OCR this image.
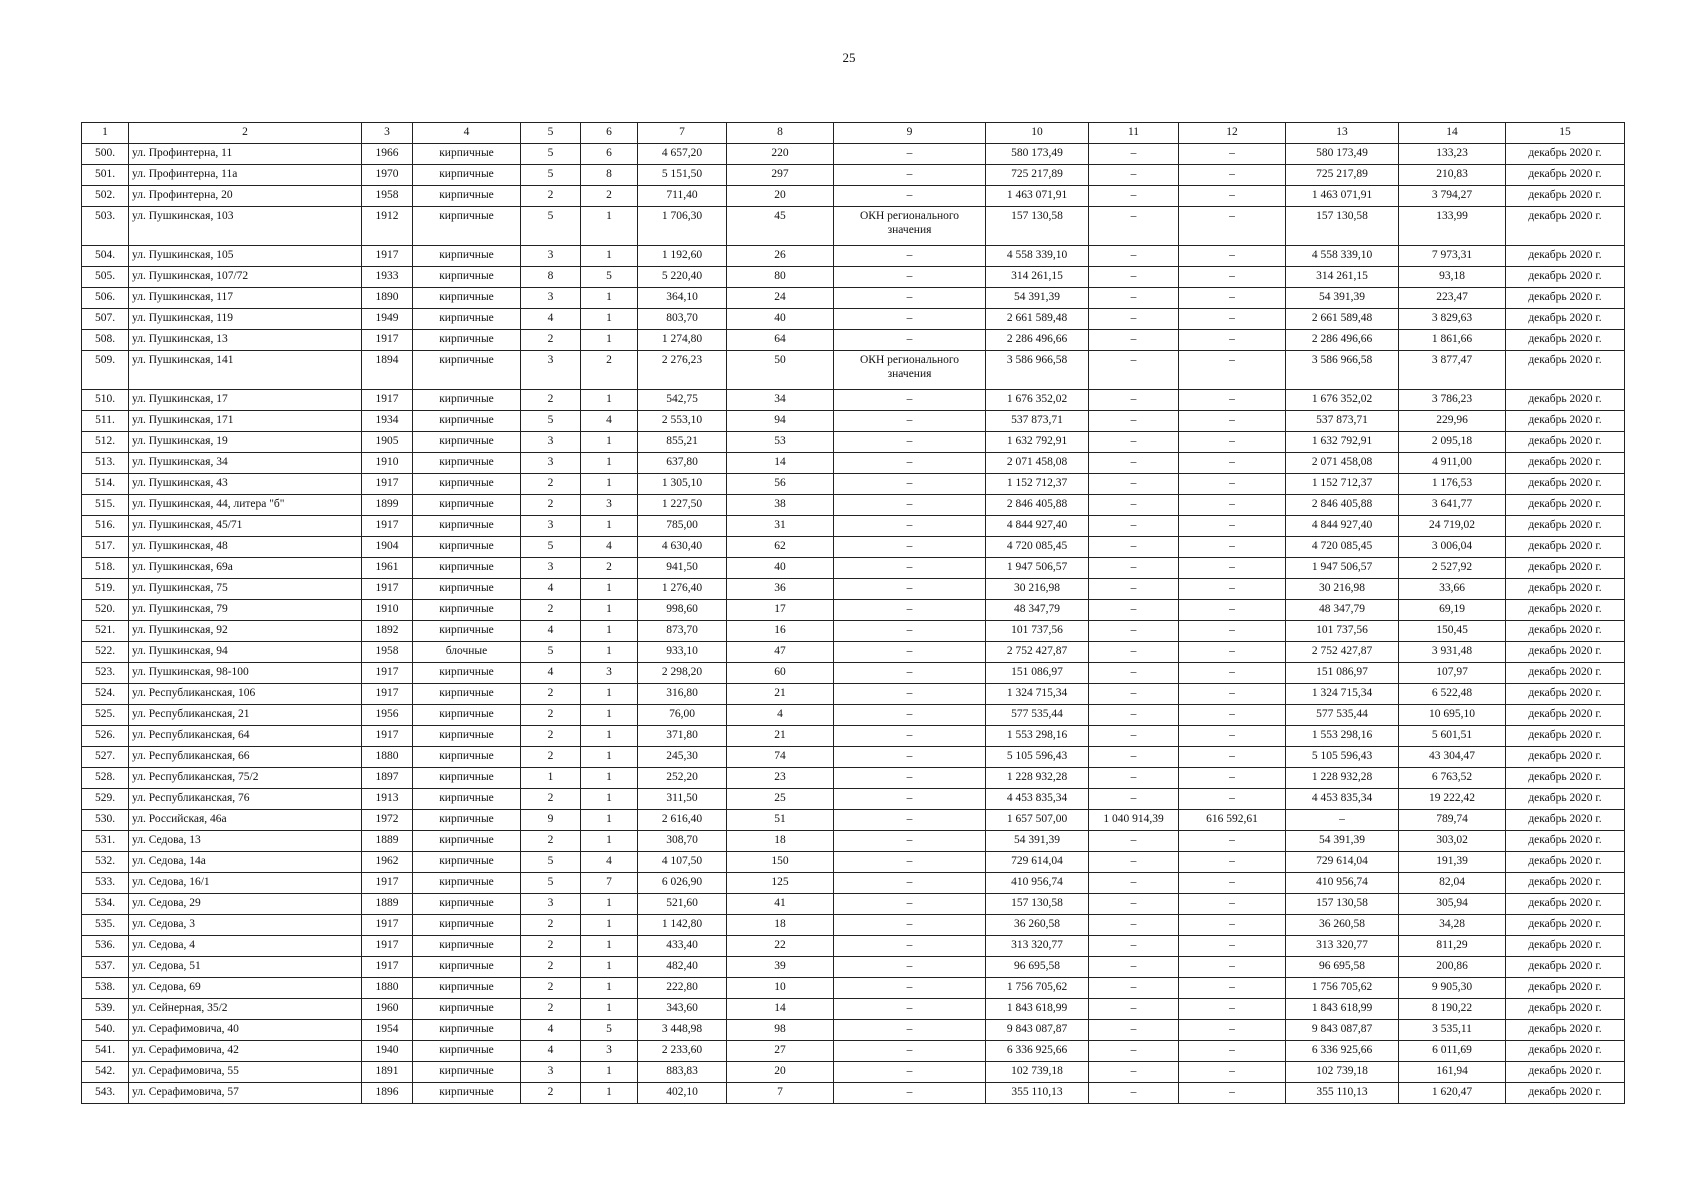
25
1	2	3	4	5	6	7	8	9	10	11	12	13	14	15
500.	ул. Профинтерна, 11	1966	кирпичные	5	6	4 657,20	220	–	580 173,49	–	–	580 173,49	133,23	декабрь 2020 г.
501.	ул. Профинтерна, 11а	1970	кирпичные	5	8	5 151,50	297	–	725 217,89	–	–	725 217,89	210,83	декабрь 2020 г.
502.	ул. Профинтерна, 20	1958	кирпичные	2	2	711,40	20	–	1 463 071,91	–	–	1 463 071,91	3 794,27	декабрь 2020 г.
503.	ул. Пушкинская, 103	1912	кирпичные	5	1	1 706,30	45	ОКН регионального значения	157 130,58	–	–	157 130,58	133,99	декабрь 2020 г.
504.	ул. Пушкинская, 105	1917	кирпичные	3	1	1 192,60	26	–	4 558 339,10	–	–	4 558 339,10	7 973,31	декабрь 2020 г.
505.	ул. Пушкинская, 107/72	1933	кирпичные	8	5	5 220,40	80	–	314 261,15	–	–	314 261,15	93,18	декабрь 2020 г.
506.	ул. Пушкинская, 117	1890	кирпичные	3	1	364,10	24	–	54 391,39	–	–	54 391,39	223,47	декабрь 2020 г.
507.	ул. Пушкинская, 119	1949	кирпичные	4	1	803,70	40	–	2 661 589,48	–	–	2 661 589,48	3 829,63	декабрь 2020 г.
508.	ул. Пушкинская, 13	1917	кирпичные	2	1	1 274,80	64	–	2 286 496,66	–	–	2 286 496,66	1 861,66	декабрь 2020 г.
509.	ул. Пушкинская, 141	1894	кирпичные	3	2	2 276,23	50	ОКН регионального значения	3 586 966,58	–	–	3 586 966,58	3 877,47	декабрь 2020 г.
510.	ул. Пушкинская, 17	1917	кирпичные	2	1	542,75	34	–	1 676 352,02	–	–	1 676 352,02	3 786,23	декабрь 2020 г.
511.	ул. Пушкинская, 171	1934	кирпичные	5	4	2 553,10	94	–	537 873,71	–	–	537 873,71	229,96	декабрь 2020 г.
512.	ул. Пушкинская, 19	1905	кирпичные	3	1	855,21	53	–	1 632 792,91	–	–	1 632 792,91	2 095,18	декабрь 2020 г.
513.	ул. Пушкинская, 34	1910	кирпичные	3	1	637,80	14	–	2 071 458,08	–	–	2 071 458,08	4 911,00	декабрь 2020 г.
514.	ул. Пушкинская, 43	1917	кирпичные	2	1	1 305,10	56	–	1 152 712,37	–	–	1 152 712,37	1 176,53	декабрь 2020 г.
515.	ул. Пушкинская, 44, литера "б"	1899	кирпичные	2	3	1 227,50	38	–	2 846 405,88	–	–	2 846 405,88	3 641,77	декабрь 2020 г.
516.	ул. Пушкинская, 45/71	1917	кирпичные	3	1	785,00	31	–	4 844 927,40	–	–	4 844 927,40	24 719,02	декабрь 2020 г.
517.	ул. Пушкинская, 48	1904	кирпичные	5	4	4 630,40	62	–	4 720 085,45	–	–	4 720 085,45	3 006,04	декабрь 2020 г.
518.	ул. Пушкинская, 69а	1961	кирпичные	3	2	941,50	40	–	1 947 506,57	–	–	1 947 506,57	2 527,92	декабрь 2020 г.
519.	ул. Пушкинская, 75	1917	кирпичные	4	1	1 276,40	36	–	30 216,98	–	–	30 216,98	33,66	декабрь 2020 г.
520.	ул. Пушкинская, 79	1910	кирпичные	2	1	998,60	17	–	48 347,79	–	–	48 347,79	69,19	декабрь 2020 г.
521.	ул. Пушкинская, 92	1892	кирпичные	4	1	873,70	16	–	101 737,56	–	–	101 737,56	150,45	декабрь 2020 г.
522.	ул. Пушкинская, 94	1958	блочные	5	1	933,10	47	–	2 752 427,87	–	–	2 752 427,87	3 931,48	декабрь 2020 г.
523.	ул. Пушкинская, 98-100	1917	кирпичные	4	3	2 298,20	60	–	151 086,97	–	–	151 086,97	107,97	декабрь 2020 г.
524.	ул. Республиканская, 106	1917	кирпичные	2	1	316,80	21	–	1 324 715,34	–	–	1 324 715,34	6 522,48	декабрь 2020 г.
525.	ул. Республиканская, 21	1956	кирпичные	2	1	76,00	4	–	577 535,44	–	–	577 535,44	10 695,10	декабрь 2020 г.
526.	ул. Республиканская, 64	1917	кирпичные	2	1	371,80	21	–	1 553 298,16	–	–	1 553 298,16	5 601,51	декабрь 2020 г.
527.	ул. Республиканская, 66	1880	кирпичные	2	1	245,30	74	–	5 105 596,43	–	–	5 105 596,43	43 304,47	декабрь 2020 г.
528.	ул. Республиканская, 75/2	1897	кирпичные	1	1	252,20	23	–	1 228 932,28	–	–	1 228 932,28	6 763,52	декабрь 2020 г.
529.	ул. Республиканская, 76	1913	кирпичные	2	1	311,50	25	–	4 453 835,34	–	–	4 453 835,34	19 222,42	декабрь 2020 г.
530.	ул. Российская, 46а	1972	кирпичные	9	1	2 616,40	51	–	1 657 507,00	1 040 914,39	616 592,61	–	789,74	декабрь 2020 г.
531.	ул. Седова, 13	1889	кирпичные	2	1	308,70	18	–	54 391,39	–	–	54 391,39	303,02	декабрь 2020 г.
532.	ул. Седова, 14а	1962	кирпичные	5	4	4 107,50	150	–	729 614,04	–	–	729 614,04	191,39	декабрь 2020 г.
533.	ул. Седова, 16/1	1917	кирпичные	5	7	6 026,90	125	–	410 956,74	–	–	410 956,74	82,04	декабрь 2020 г.
534.	ул. Седова, 29	1889	кирпичные	3	1	521,60	41	–	157 130,58	–	–	157 130,58	305,94	декабрь 2020 г.
535.	ул. Седова, 3	1917	кирпичные	2	1	1 142,80	18	–	36 260,58	–	–	36 260,58	34,28	декабрь 2020 г.
536.	ул. Седова, 4	1917	кирпичные	2	1	433,40	22	–	313 320,77	–	–	313 320,77	811,29	декабрь 2020 г.
537.	ул. Седова, 51	1917	кирпичные	2	1	482,40	39	–	96 695,58	–	–	96 695,58	200,86	декабрь 2020 г.
538.	ул. Седова, 69	1880	кирпичные	2	1	222,80	10	–	1 756 705,62	–	–	1 756 705,62	9 905,30	декабрь 2020 г.
539.	ул. Сейнерная, 35/2	1960	кирпичные	2	1	343,60	14	–	1 843 618,99	–	–	1 843 618,99	8 190,22	декабрь 2020 г.
540.	ул. Серафимовича, 40	1954	кирпичные	4	5	3 448,98	98	–	9 843 087,87	–	–	9 843 087,87	3 535,11	декабрь 2020 г.
541.	ул. Серафимовича, 42	1940	кирпичные	4	3	2 233,60	27	–	6 336 925,66	–	–	6 336 925,66	6 011,69	декабрь 2020 г.
542.	ул. Серафимовича, 55	1891	кирпичные	3	1	883,83	20	–	102 739,18	–	–	102 739,18	161,94	декабрь 2020 г.
543.	ул. Серафимовича, 57	1896	кирпичные	2	1	402,10	7	–	355 110,13	–	–	355 110,13	1 620,47	декабрь 2020 г.
